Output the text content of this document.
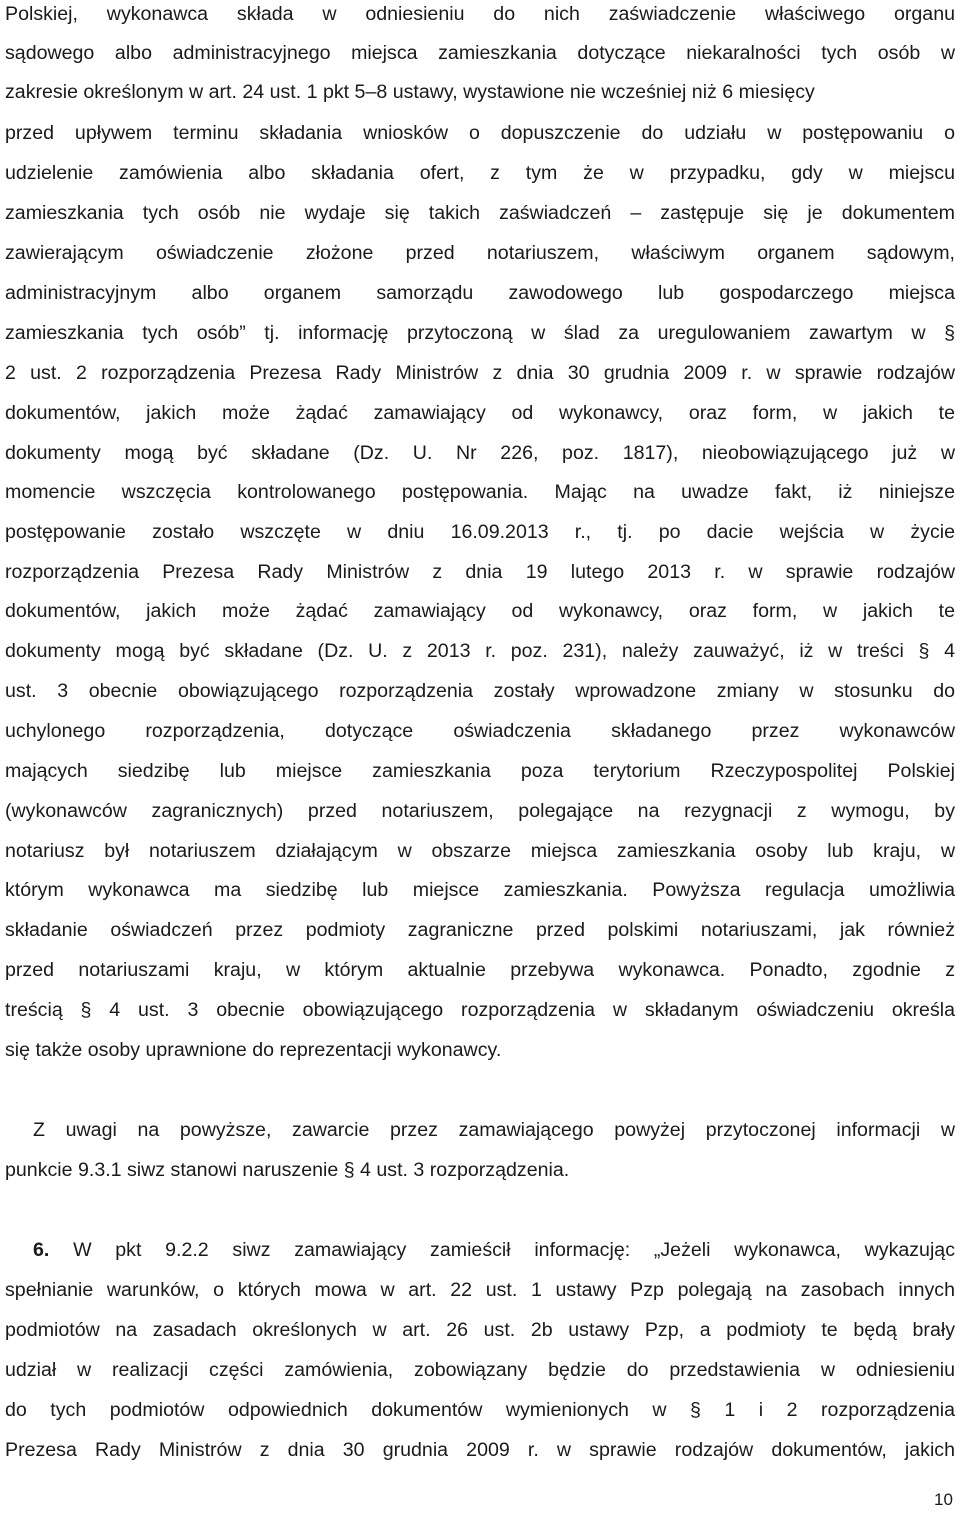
Polskiej, wykonawca składa w odniesieniu do nich zaświadczenie właściwego organu
sądowego albo administracyjnego miejsca zamieszkania dotyczące niekaralności tych osób w
zakresie określonym w art. 24 ust. 1 pkt 5–8 ustawy, wystawione nie wcześniej niż 6 miesięcy
przed upływem terminu składania wniosków o dopuszczenie do udziału w postępowaniu o
udzielenie zamówienia albo składania ofert, z tym że w przypadku, gdy w miejscu
zamieszkania tych osób nie wydaje się takich zaświadczeń – zastępuje się je dokumentem
zawierającym oświadczenie złożone przed notariuszem, właściwym organem sądowym,
administracyjnym albo organem samorządu zawodowego lub gospodarczego miejsca
zamieszkania tych osób” tj. informację przytoczoną w ślad za uregulowaniem zawartym w §
2 ust. 2 rozporządzenia Prezesa Rady Ministrów z dnia 30 grudnia 2009 r. w sprawie rodzajów
dokumentów, jakich może żądać zamawiający od wykonawcy, oraz form, w jakich te
dokumenty mogą być składane (Dz. U. Nr 226, poz. 1817), nieobowiązującego już w
momencie wszczęcia kontrolowanego postępowania. Mając na uwadze fakt, iż niniejsze
postępowanie zostało wszczęte w dniu 16.09.2013 r., tj. po dacie wejścia w życie
rozporządzenia Prezesa Rady Ministrów z dnia 19 lutego 2013 r. w sprawie rodzajów
dokumentów, jakich może żądać zamawiający od wykonawcy, oraz form, w jakich te
dokumenty mogą być składane (Dz. U. z 2013 r. poz. 231), należy zauważyć, iż w treści § 4
ust. 3 obecnie obowiązującego rozporządzenia zostały wprowadzone zmiany w stosunku do
uchylonego rozporządzenia, dotyczące oświadczenia składanego przez wykonawców
mających siedzibę lub miejsce zamieszkania poza terytorium Rzeczypospolitej Polskiej
(wykonawców zagranicznych) przed notariuszem, polegające na rezygnacji z wymogu, by
notariusz był notariuszem działającym w obszarze miejsca zamieszkania osoby lub kraju, w
którym wykonawca ma siedzibę lub miejsce zamieszkania. Powyższa regulacja umożliwia
składanie oświadczeń przez podmioty zagraniczne przed polskimi notariuszami, jak również
przed notariuszami kraju, w którym aktualnie przebywa wykonawca. Ponadto, zgodnie z
treścią § 4 ust. 3 obecnie obowiązującego rozporządzenia w składanym oświadczeniu określa
się także osoby uprawnione do reprezentacji wykonawcy.
Z uwagi na powyższe, zawarcie przez zamawiającego powyżej przytoczonej informacji w
punkcie 9.3.1 siwz stanowi naruszenie § 4 ust. 3 rozporządzenia.
6. W pkt 9.2.2 siwz zamawiający zamieścił informację: „Jeżeli wykonawca, wykazując
spełnianie warunków, o których mowa w art. 22 ust. 1 ustawy Pzp polegają na zasobach innych
podmiotów na zasadach określonych w art. 26 ust. 2b ustawy Pzp, a podmioty te będą brały
udział w realizacji części zamówienia, zobowiązany będzie do przedstawienia w odniesieniu
do tych podmiotów odpowiednich dokumentów wymienionych w § 1 i 2 rozporządzenia
Prezesa Rady Ministrów z dnia 30 grudnia 2009 r. w sprawie rodzajów dokumentów, jakich
10
